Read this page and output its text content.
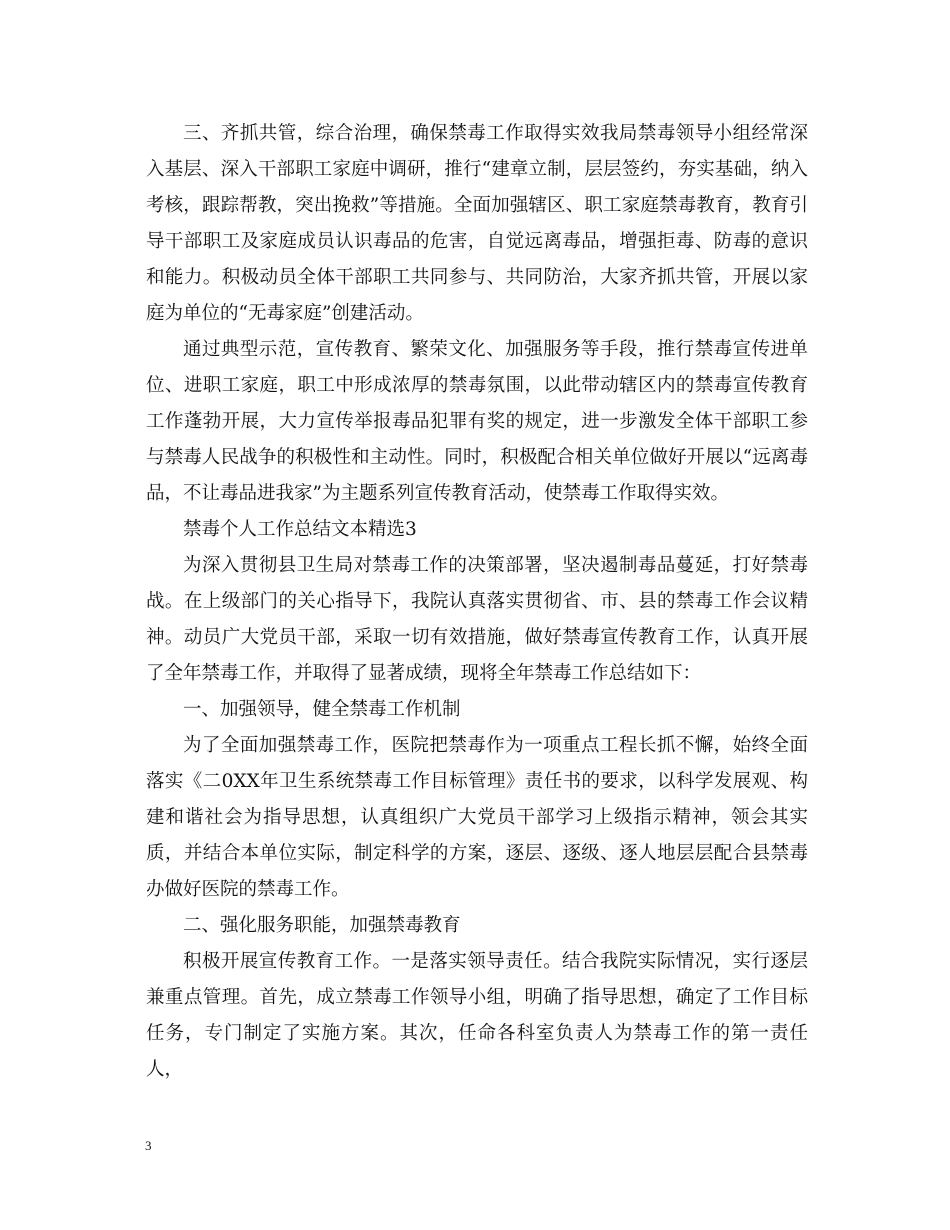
三、齐抓共管，综合治理，确保禁毒工作取得实效我局禁毒领导小组经常深入基层、深入干部职工家庭中调研，推行“建章立制，层层签约，夯实基础，纳入考核，跟踪帮教，突出挽救”等措施。全面加强辖区、职工家庭禁毒教育，教育引导干部职工及家庭成员认识毒品的危害，自觉远离毒品，增强拒毒、防毒的意识和能力。积极动员全体干部职工共同参与、共同防治，大家齐抓共管，开展以家庭为单位的“无毒家庭”创建活动。

通过典型示范，宣传教育、繁荣文化、加强服务等手段，推行禁毒宣传进单位、进职工家庭，职工中形成浓厚的禁毒氛围，以此带动辖区内的禁毒宣传教育工作蓬勃开展，大力宣传举报毒品犯罪有奖的规定，进一步激发全体干部职工参与禁毒人民战争的积极性和主动性。同时，积极配合相关单位做好开展以“远离毒品，不让毒品进我家”为主题系列宣传教育活动，使禁毒工作取得实效。

禁毒个人工作总结文本精选3

为深入贯彻县卫生局对禁毒工作的决策部署，坚决遏制毒品蔓延，打好禁毒战。在上级部门的关心指导下，我院认真落实贯彻省、市、县的禁毒工作会议精神。动员广大党员干部，采取一切有效措施，做好禁毒宣传教育工作，认真开展了全年禁毒工作，并取得了显著成绩，现将全年禁毒工作总结如下：

一、加强领导，健全禁毒工作机制

为了全面加强禁毒工作，医院把禁毒作为一项重点工程长抓不懈，始终全面落实《二0XX年卫生系统禁毒工作目标管理》责任书的要求，以科学发展观、构建和谐社会为指导思想，认真组织广大党员干部学习上级指示精神，领会其实质，并结合本单位实际，制定科学的方案，逐层、逐级、逐人地层层配合县禁毒办做好医院的禁毒工作。

二、强化服务职能，加强禁毒教育

积极开展宣传教育工作。一是落实领导责任。结合我院实际情况，实行逐层兼重点管理。首先，成立禁毒工作领导小组，明确了指导思想，确定了工作目标任务，专门制定了实施方案。其次，任命各科室负责人为禁毒工作的第一责任人，

3
